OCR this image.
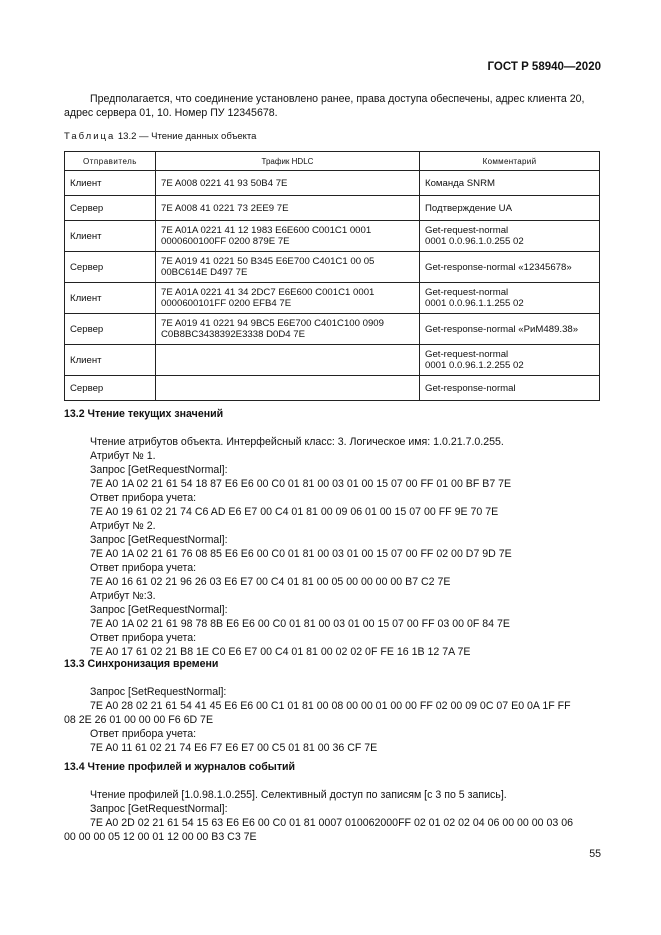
ГОСТ Р 58940—2020
Предполагается, что соединение установлено ранее, права доступа обеспечены, адрес клиента 20,
адрес сервера 01, 10. Номер ПУ 12345678.
Таблица 13.2 — Чтение данных объекта
Отправитель	Трафик HDLC	Комментарий
Клиент	7E A008 0221 41 93 50B4 7E	Команда SNRM
Сервер	7E A008 41 0221 73 2EE9 7E	Подтверждение UA
Клиент	7E A01A 0221 41 12 1983 E6E600 C001C1 0001
0000600100FF 0200 879E 7E	Get-request-normal
0001 0.0.96.1.0.255 02
Сервер	7E A019 41 0221 50 B345 E6E700 C401C1 00 05
00BC614E D497 7E	Get-response-normal «12345678»
Клиент	7E A01A 0221 41 34 2DC7 E6E600 C001C1 0001
0000600101FF 0200 EFB4 7E	Get-request-normal
0001 0.0.96.1.1.255 02
Сервер	7E A019 41 0221 94 9BC5 E6E700 C401C100 0909
C0B8BC3438392E3338 D0D4 7E	Get-response-normal «РиМ489.38»
Клиент		Get-request-normal
0001 0.0.96.1.2.255 02
Сервер		Get-response-normal
13.2 Чтение текущих значений
Чтение атрибутов объекта. Интерфейсный класс: 3. Логическое имя: 1.0.21.7.0.255.
Атрибут № 1.
Запрос [GetRequestNormal]:
7E A0 1A 02 21 61 54 18 87 E6 E6 00 C0 01 81 00 03 01 00 15 07 00 FF 01 00 BF B7 7E
Ответ прибора учета:
7E A0 19 61 02 21 74 C6 AD E6 E7 00 C4 01 81 00 09 06 01 00 15 07 00 FF 9E 70 7E
Атрибут № 2.
Запрос [GetRequestNormal]:
7E A0 1A 02 21 61 76 08 85 E6 E6 00 C0 01 81 00 03 01 00 15 07 00 FF 02 00 D7 9D 7E
Ответ прибора учета:
7E A0 16 61 02 21 96 26 03 E6 E7 00 C4 01 81 00 05 00 00 00 00 B7 C2 7E
Атрибут №:3.
Запрос [GetRequestNormal]:
7E A0 1A 02 21 61 98 78 8B E6 E6 00 C0 01 81 00 03 01 00 15 07 00 FF 03 00 0F 84 7E
Ответ прибора учета:
7E A0 17 61 02 21 B8 1E C0 E6 E7 00 C4 01 81 00 02 02 0F FE 16 1B 12 7A 7E
13.3 Синхронизация времени
Запрос [SetRequestNormal]:
7E A0 28 02 21 61 54 41 45 E6 E6 00 C1 01 81 00 08 00 00 01 00 00 FF 02 00 09 0C 07 E0 0A 1F FF
08 2E 26 01 00 00 00 F6 6D 7E
Ответ прибора учета:
7E A0 11 61 02 21 74 E6 F7 E6 E7 00 C5 01 81 00 36 CF 7E
13.4 Чтение профилей и журналов событий
Чтение профилей [1.0.98.1.0.255]. Селективный доступ по записям [с 3 по 5 запись].
Запрос [GetRequestNormal]:
7E A0 2D 02 21 61 54 15 63 E6 E6 00 C0 01 81 0007 010062000FF 02 01 02 02 04 06 00 00 00 03 06
00 00 00 05 12 00 01 12 00 00 B3 C3 7E
55
